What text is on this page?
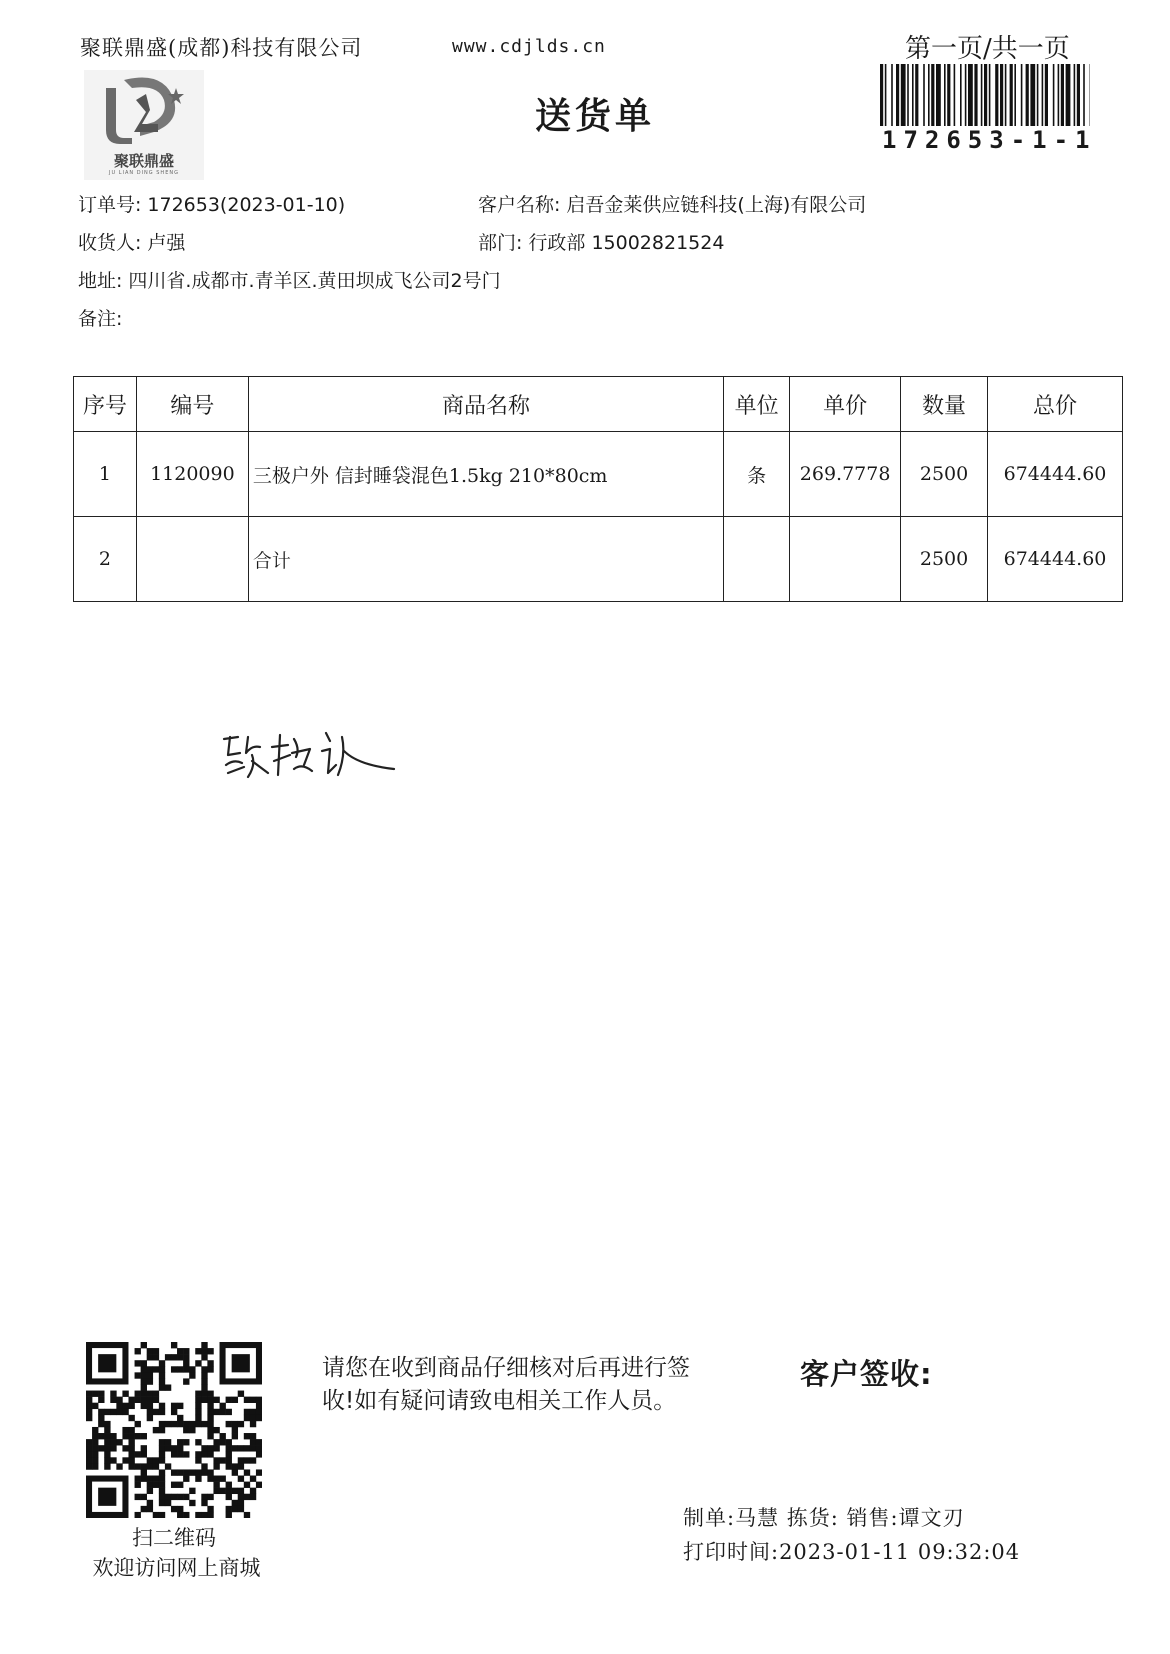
聚联鼎盛(成都)科技有限公司	www.cdjlds.cn	第一页/共一页
172653-1-1
聚联鼎盛
JU LIAN DING SHENG
送货单
订单号: 172653(2023-01-10)	客户名称: 启吾金莱供应链科技(上海)有限公司
收货人: 卢强	部门: 行政部 15002821524
地址: 四川省.成都市.青羊区.黄田坝成飞公司2号门
备注:
序号	编号	商品名称	单位	单价	数量	总价
1	1120090	三极户外 信封睡袋混色1.5kg 210*80cm	条	269.7778	2500	674444.60
2		合计			2500	674444.60
扫二维码
欢迎访问网上商城
请您在收到商品仔细核对后再进行签
收!如有疑问请致电相关工作人员。
客户签收:
制单:马慧 拣货: 销售:谭文刃
打印时间:2023-01-11 09:32:04
